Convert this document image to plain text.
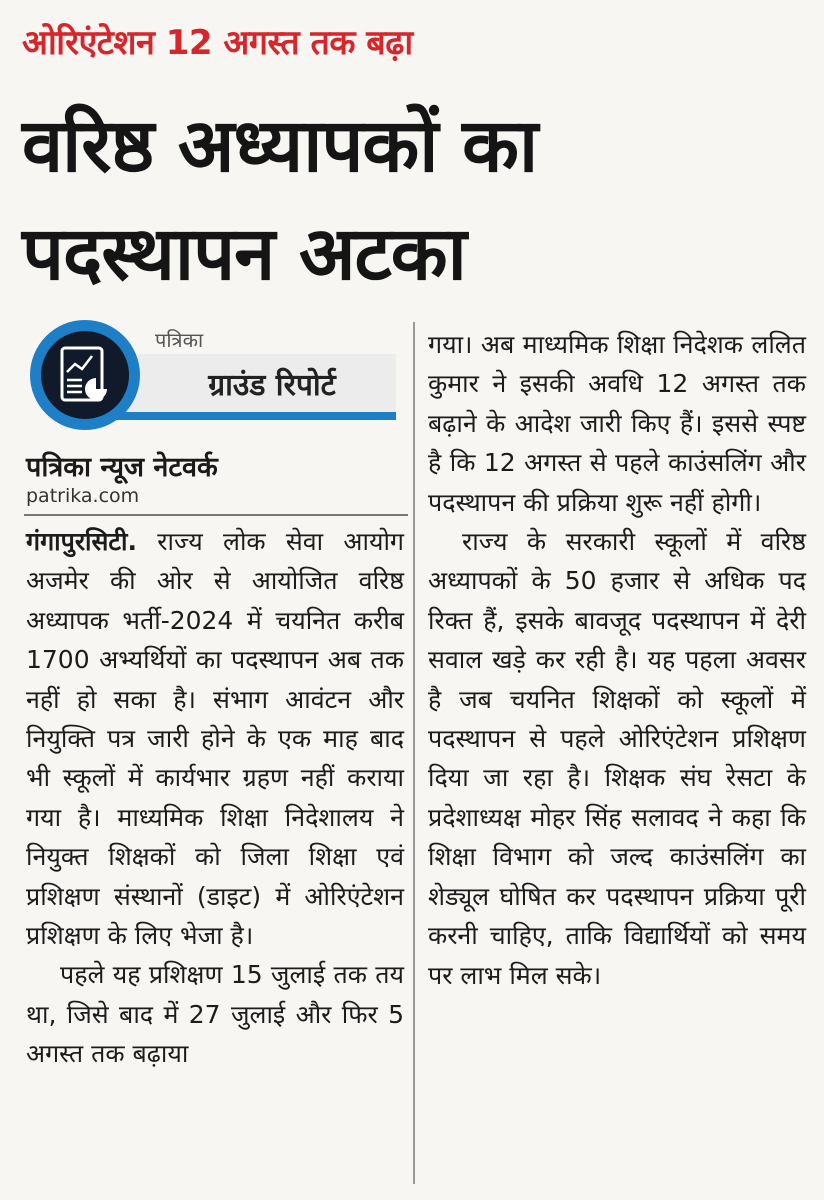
ओरिएंटेशन 12 अगस्त तक बढ़ा
वरिष्ठ अध्यापकों का
पदस्थापन अटका
ग्राउंड रिपोर्ट
पत्रिका
पत्रिका न्यूज नेटवर्क
patrika.com

गंगापुरसिटी. राज्य लोक सेवा आयोग अजमेर की ओर से आयोजित वरिष्ठ अध्यापक भर्ती-2024 में चयनित करीब 1700 अभ्यर्थियों का पदस्थापन अब तक नहीं हो सका है। संभाग आवंटन और नियुक्ति पत्र जारी होने के एक माह बाद भी स्कूलों में कार्यभार ग्रहण नहीं कराया गया है। माध्यमिक शिक्षा निदेशालय ने नियुक्त शिक्षकों को जिला शिक्षा एवं प्रशिक्षण संस्थानों (डाइट) में ओरिएंटेशन प्रशिक्षण के लिए भेजा है।

पहले यह प्रशिक्षण 15 जुलाई तक तय था, जिसे बाद में 27 जुलाई और फिर 5 अगस्त तक बढ़ाया

गया। अब माध्यमिक शिक्षा निदेशक ललित कुमार ने इसकी अवधि 12 अगस्त तक बढ़ाने के आदेश जारी किए हैं। इससे स्पष्ट है कि 12 अगस्त से पहले काउंसलिंग और पदस्थापन की प्रक्रिया शुरू नहीं होगी।

राज्य के सरकारी स्कूलों में वरिष्ठ अध्यापकों के 50 हजार से अधिक पद रिक्त हैं, इसके बावजूद पदस्थापन में देरी सवाल खड़े कर रही है। यह पहला अवसर है जब चयनित शिक्षकों को स्कूलों में पदस्थापन से पहले ओरिएंटेशन प्रशिक्षण दिया जा रहा है। शिक्षक संघ रेसटा के प्रदेशाध्यक्ष मोहर सिंह सलावद ने कहा कि शिक्षा विभाग को जल्द काउंसलिंग का शेड्यूल घोषित कर पदस्थापन प्रक्रिया पूरी करनी चाहिए, ताकि विद्यार्थियों को समय पर लाभ मिल सके।
